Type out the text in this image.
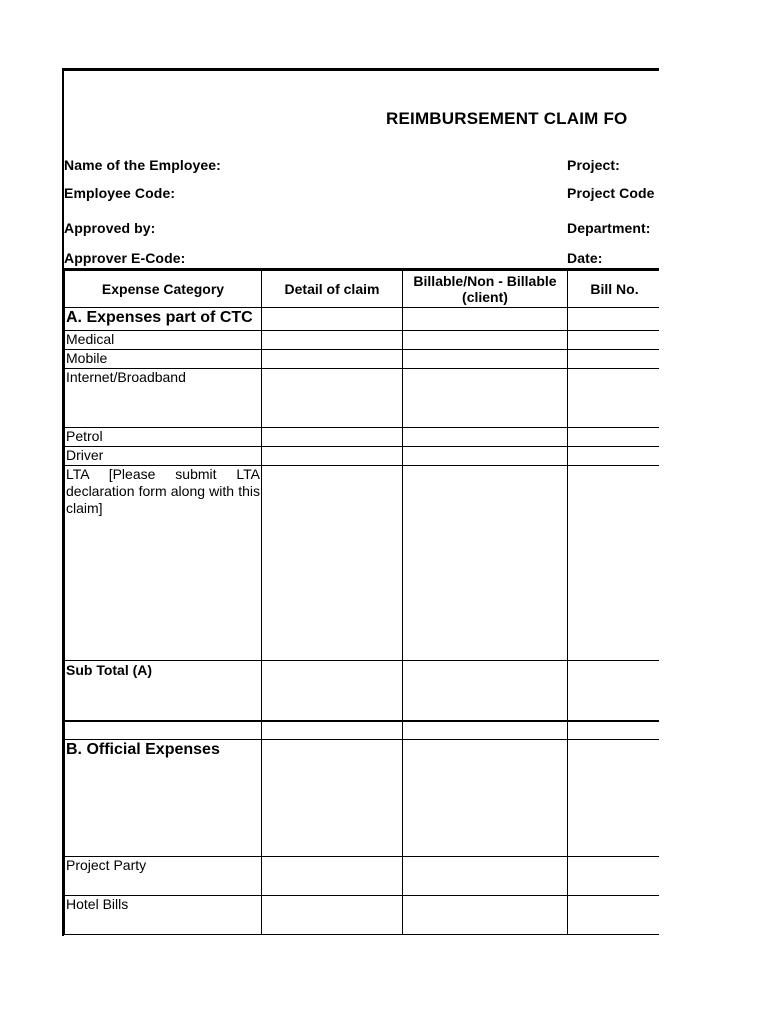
REIMBURSEMENT CLAIM FO
Name of the Employee:
Employee Code:
Approved by:
Approver E-Code:
Project:
Project Code
Department:
Date:
Expense Category	Detail of claim	Billable/Non - Billable (client)	Bill No.
A. Expenses part of CTC			
Medical			
Mobile			
Internet/Broadband			
Petrol			
Driver			
LTA [Please submit LTA declaration form along with this claim]			
Sub Total (A)			

B. Official Expenses			
Project Party			
Hotel Bills			
